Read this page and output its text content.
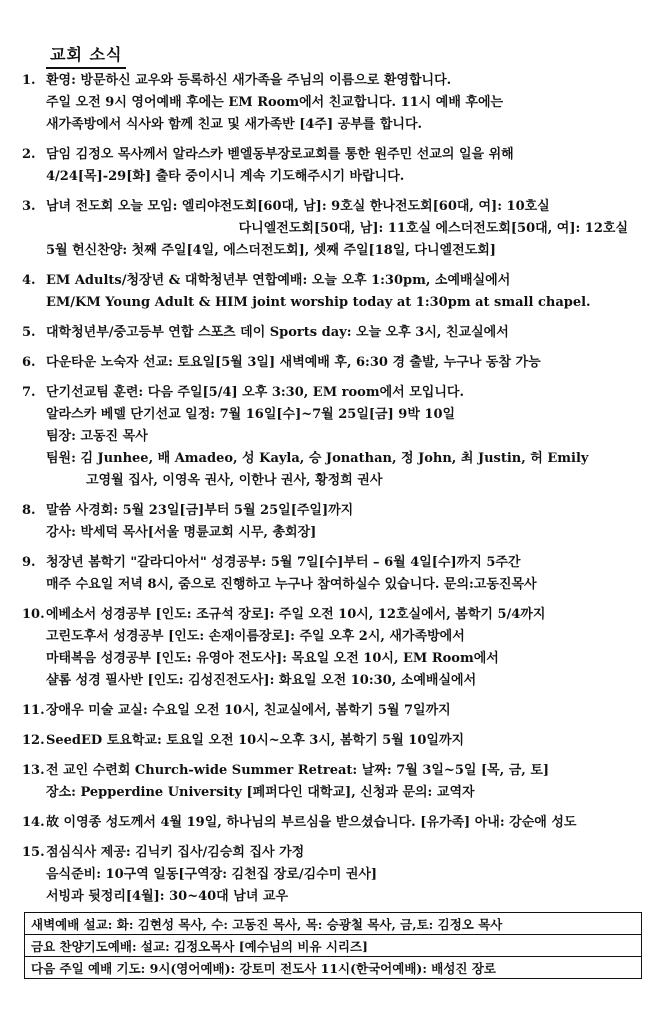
교회 소식
1. 환영: 방문하신 교우와 등록하신 새가족을 주님의 이름으로 환영합니다.
주일 오전 9시 영어예배 후에는 EM Room에서 친교합니다. 11시 예배 후에는
새가족방에서 식사와 함께 친교 및 새가족반 [4주] 공부를 합니다.
2. 담임 김정오 목사께서 알라스카 벧엘동부장로교회를 통한 원주민 선교의 일을 위해
4/24[목]-29[화] 출타 중이시니 계속 기도해주시기 바랍니다.
3. 남녀 전도회 오늘 모임: 엘리야전도회[60대, 남]: 9호실 한나전도회[60대, 여]: 10호실
다니엘전도회[50대, 남]: 11호실 에스더전도회[50대, 여]: 12호실
5월 헌신찬양: 첫째 주일[4일, 에스더전도회], 셋째 주일[18일, 다니엘전도회]
4. EM Adults/청장년 & 대학청년부 연합예배: 오늘 오후 1:30pm, 소예배실에서
EM/KM Young Adult & HIM joint worship today at 1:30pm at small chapel.
5. 대학청년부/중고등부 연합 스포츠 데이 Sports day: 오늘 오후 3시, 친교실에서
6. 다운타운 노숙자 선교: 토요일[5월 3일] 새벽예배 후, 6:30 경 출발, 누구나 동참 가능
7. 단기선교팀 훈련: 다음 주일[5/4] 오후 3:30, EM room에서 모입니다.
알라스카 베델 단기선교 일정: 7월 16일[수]~7월 25일[금] 9박 10일
팀장: 고동진 목사
팀원: 김 Junhee, 배 Amadeo, 성 Kayla, 승 Jonathan, 정 John, 최 Justin, 허 Emily
고영월 집사, 이영옥 권사, 이한나 권사, 황정희 권사
8. 말씀 사경회: 5월 23일[금]부터 5월 25일[주일]까지
강사: 박세덕 목사[서울 명륜교회 시무, 총회장]
9. 청장년 봄학기 "갈라디아서" 성경공부: 5월 7일[수]부터 – 6월 4일[수]까지 5주간
매주 수요일 저녁 8시, 줌으로 진행하고 누구나 참여하실수 있습니다. 문의:고동진목사
10. 에베소서 성경공부 [인도: 조규석 장로]: 주일 오전 10시, 12호실에서, 봄학기 5/4까지
고린도후서 성경공부 [인도: 손재이름장로]: 주일 오후 2시, 새가족방에서
마태복음 성경공부 [인도: 유영아 전도사]: 목요일 오전 10시, EM Room에서
샬롬 성경 필사반 [인도: 김성진전도사]: 화요일 오전 10:30, 소예배실에서
11. 장애우 미술 교실: 수요일 오전 10시, 친교실에서, 봄학기 5월 7일까지
12. SeedED 토요학교: 토요일 오전 10시~오후 3시, 봄학기 5월 10일까지
13. 전 교인 수련회 Church-wide Summer Retreat: 날짜: 7월 3일~5일 [목, 금, 토]
장소: Pepperdine University [페퍼다인 대학교], 신청과 문의: 교역자
14. 故 이영종 성도께서 4월 19일, 하나님의 부르심을 받으셨습니다. [유가족] 아내: 강순애 성도
15. 점심식사 제공: 김닉키 집사/김승희 집사 가정
음식준비: 10구역 일동[구역장: 김천집 장로/김수미 권사]
서빙과 뒷정리[4월]: 30~40대 남녀 교우
새벽예배 설교: 화: 김현성 목사, 수: 고동진 목사, 목: 승광철 목사, 금,토: 김정오 목사
금요 찬양기도예배: 설교: 김정오목사 [예수님의 비유 시리즈]
다음 주일 예배 기도: 9시(영어예배): 강토미 전도사 11시(한국어예배): 배성진 장로
